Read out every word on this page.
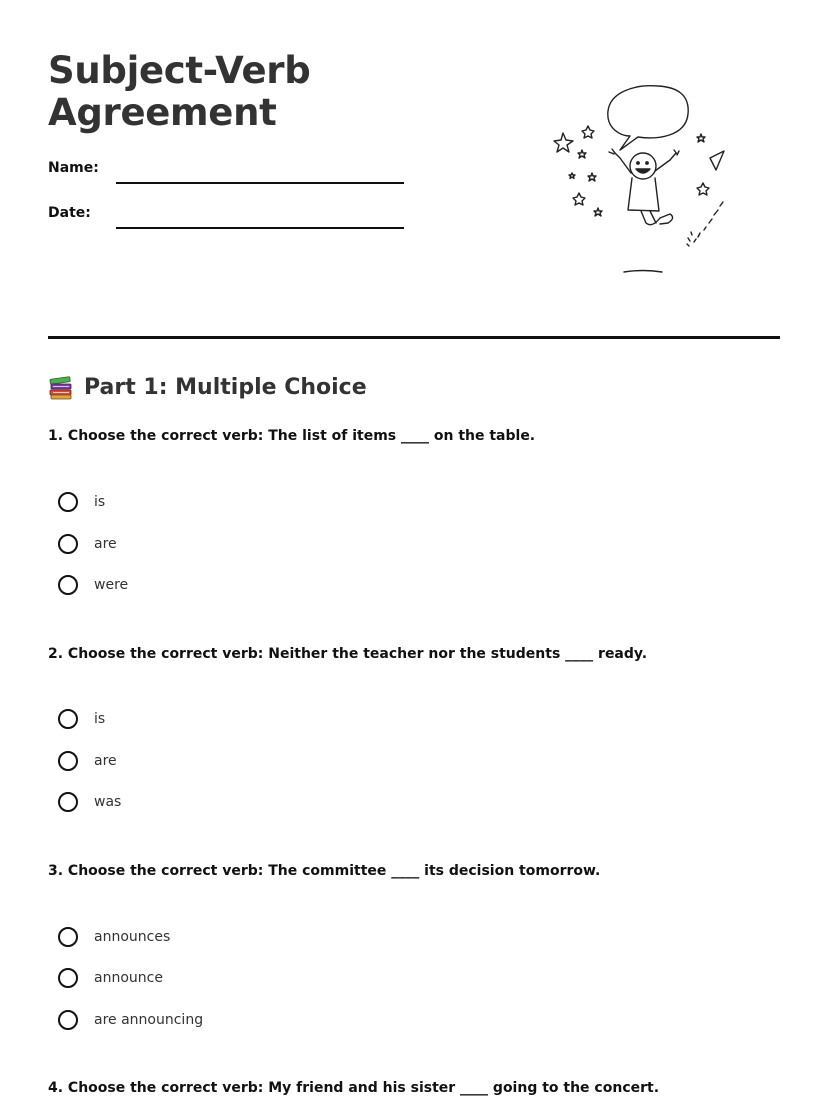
Subject-Verb
Agreement
Name:
Date:
Part 1: Multiple Choice

1. Choose the correct verb: The list of items ____ on the table.

is
are
were

2. Choose the correct verb: Neither the teacher nor the students ____ ready.

is
are
was

3. Choose the correct verb: The committee ____ its decision tomorrow.

announces
announce
are announcing

4. Choose the correct verb: My friend and his sister ____ going to the concert.
